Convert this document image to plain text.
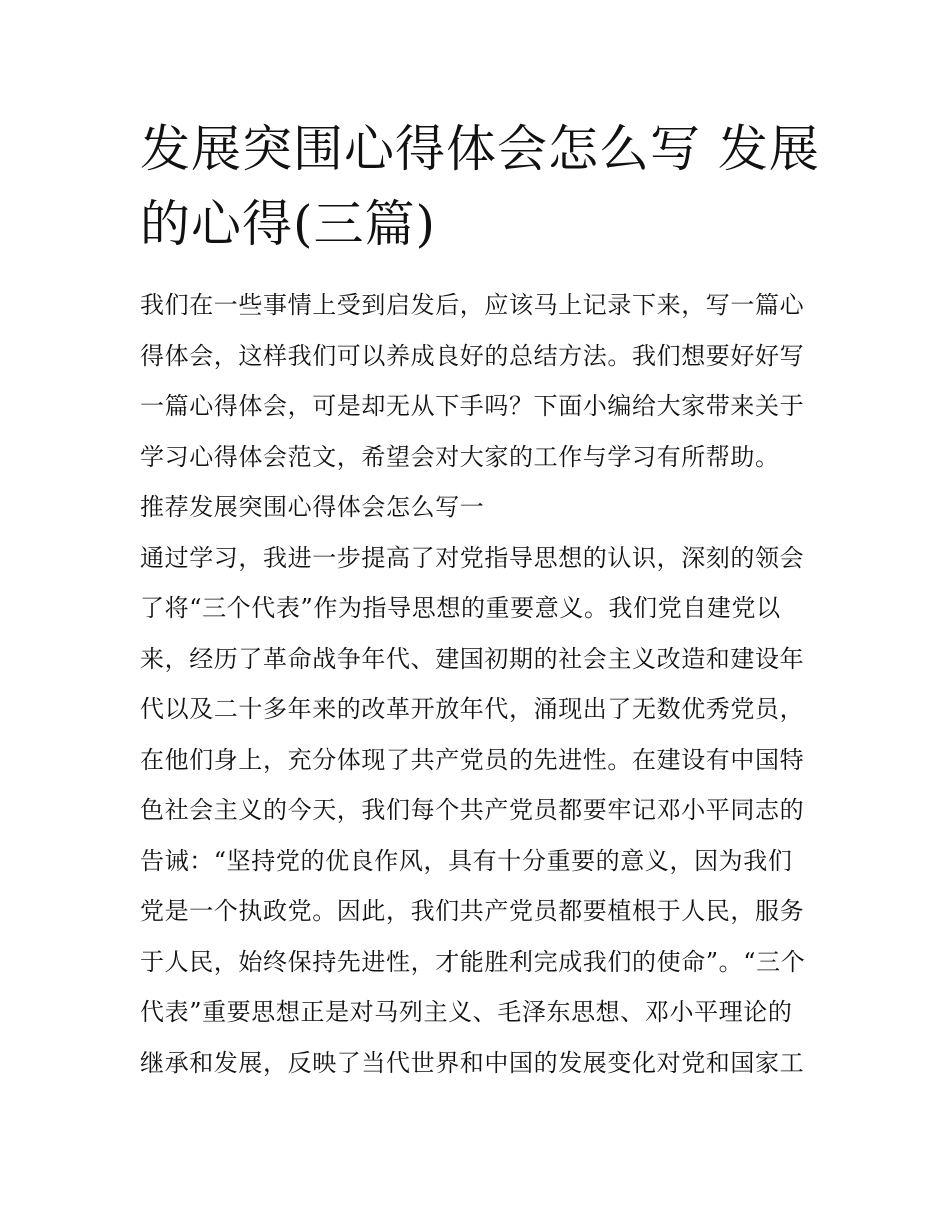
发展突围心得体会怎么写 发展
的心得(三篇)
我们在一些事情上受到启发后，应该马上记录下来，写一篇心
得体会，这样我们可以养成良好的总结方法。我们想要好好写
一篇心得体会，可是却无从下手吗？下面小编给大家带来关于
学习心得体会范文，希望会对大家的工作与学习有所帮助。
推荐发展突围心得体会怎么写一
通过学习，我进一步提高了对党指导思想的认识，深刻的领会
了将“三个代表”作为指导思想的重要意义。我们党自建党以
来，经历了革命战争年代、建国初期的社会主义改造和建设年
代以及二十多年来的改革开放年代，涌现出了无数优秀党员，
在他们身上，充分体现了共产党员的先进性。在建设有中国特
色社会主义的今天，我们每个共产党员都要牢记邓小平同志的
告诫：“坚持党的优良作风，具有十分重要的意义，因为我们
党是一个执政党。因此，我们共产党员都要植根于人民，服务
于人民，始终保持先进性，才能胜利完成我们的使命”。“三个
代表”重要思想正是对马列主义、毛泽东思想、邓小平理论的
继承和发展，反映了当代世界和中国的发展变化对党和国家工
